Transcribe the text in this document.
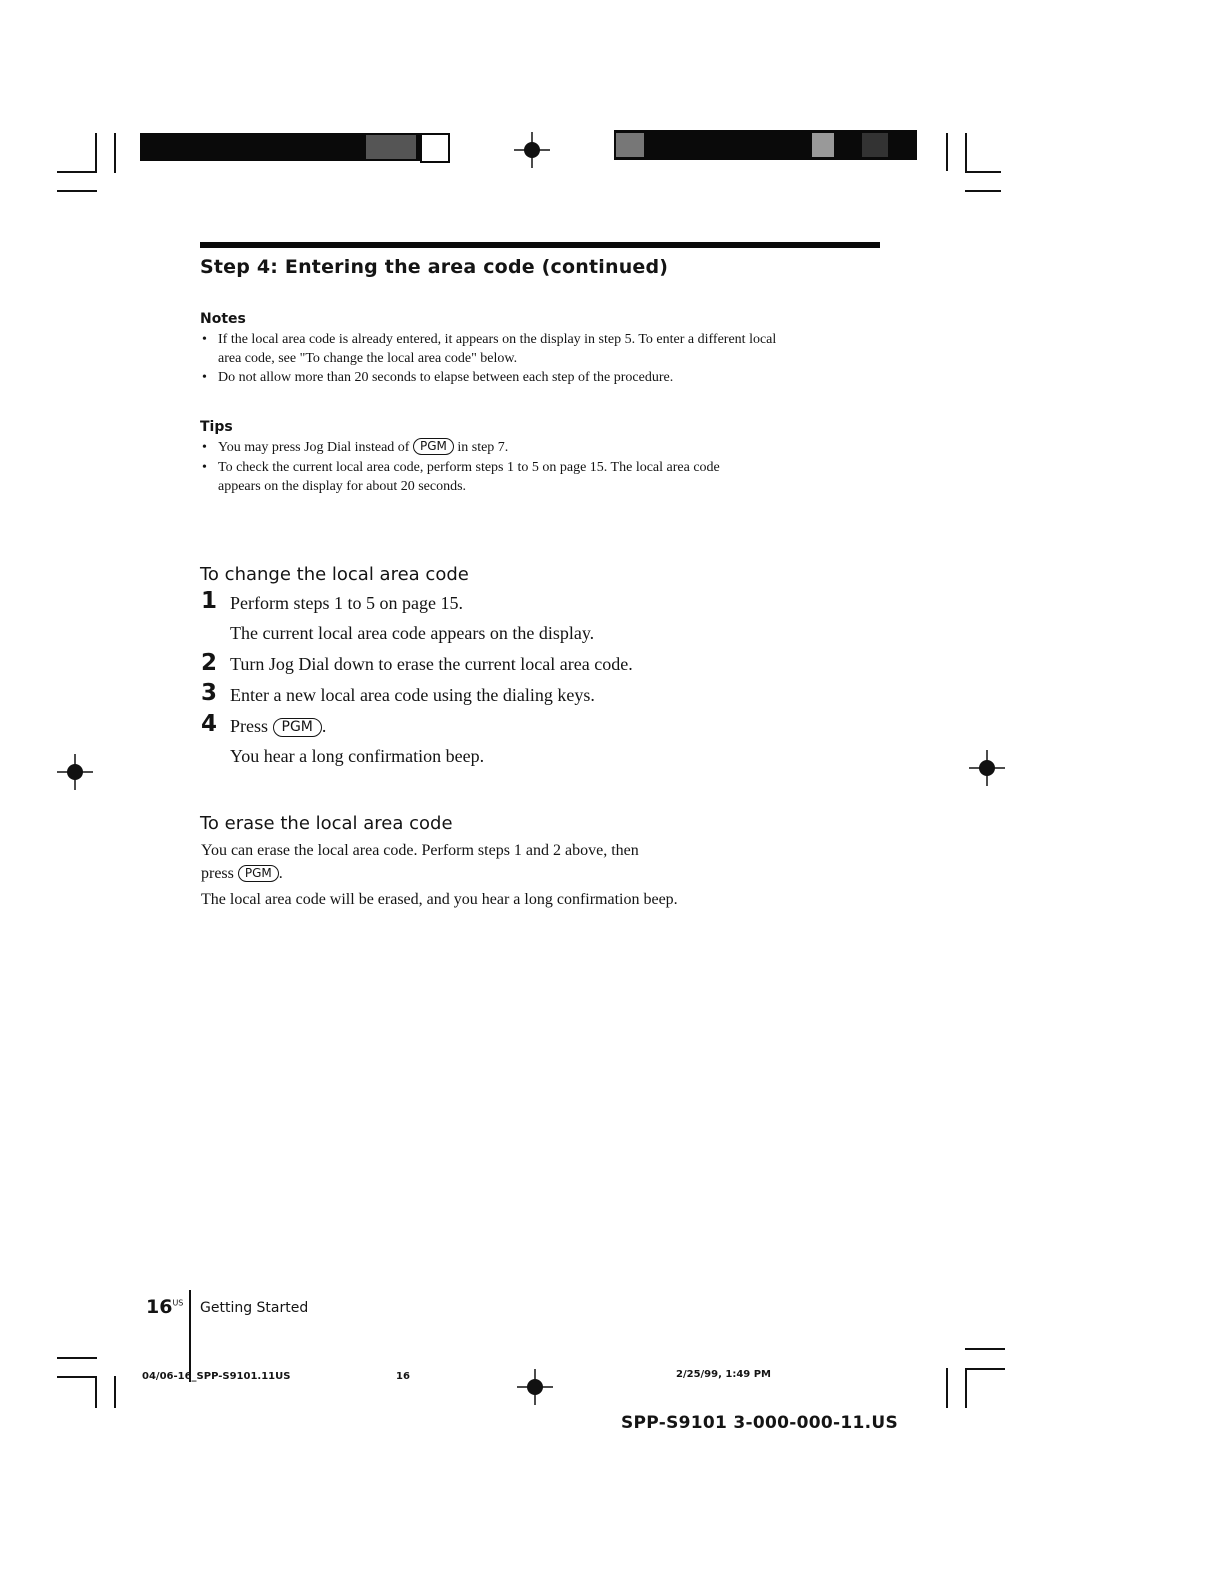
Step 4: Entering the area code (continued)
Notes
• If the local area code is already entered, it appears on the display in step 5. To enter a different local area code, see "To change the local area code" below.
• Do not allow more than 20 seconds to elapse between each step of the procedure.
Tips
• You may press Jog Dial instead of PGM in step 7.
• To check the current local area code, perform steps 1 to 5 on page 15. The local area code appears on the display for about 20 seconds.
To change the local area code
1 Perform steps 1 to 5 on page 15.
The current local area code appears on the display.
2 Turn Jog Dial down to erase the current local area code.
3 Enter a new local area code using the dialing keys.
4 Press PGM .
You hear a long confirmation beep.
To erase the local area code
You can erase the local area code. Perform steps 1 and 2 above, then
press PGM .
The local area code will be erased, and you hear a long confirmation beep.
$16^{US}$ Getting Started
04/06-16_SPP-S9101.11US	16	2/25/99, 1:49 PM
SPP-S9101 3-000-000-11.US
